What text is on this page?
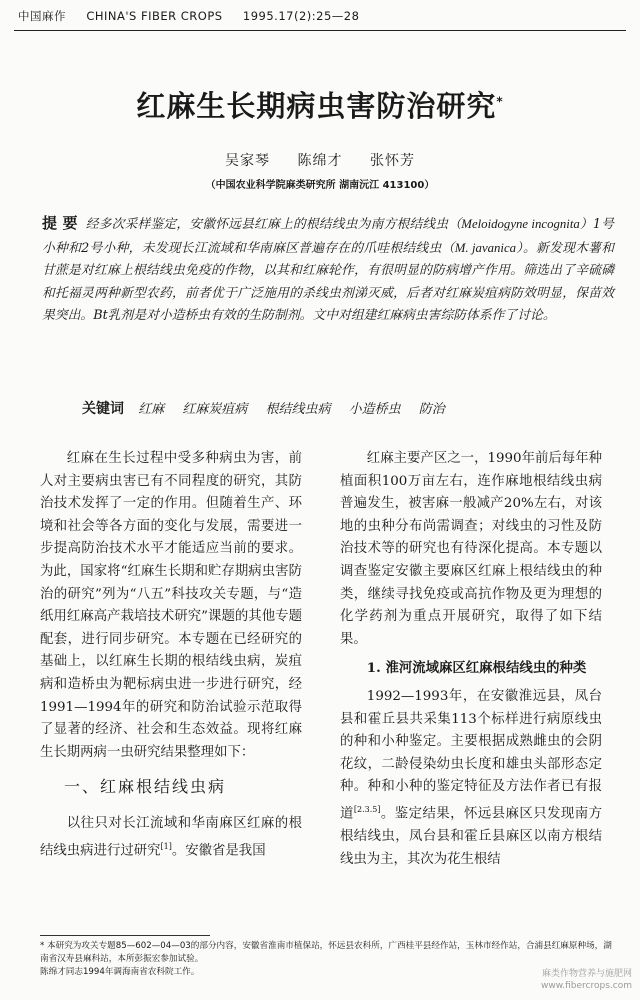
中国麻作 CHINA'S FIBER CROPS 1995.17(2):25—28
红麻生长期病虫害防治研究*
吴家琴 陈绵才 张怀芳
（中国农业科学院麻类研究所 湖南沅江 413100）
提 要 经多次采样鉴定，安徽怀远县红麻上的根结线虫为南方根结线虫（Meloidogyne incognita）1号小种和2号小种，未发现长江流域和华南麻区普遍存在的爪哇根结线虫（M. javanica）。新发现木薯和甘蔗是对红麻上根结线虫免疫的作物，以其和红麻轮作，有很明显的防病增产作用。筛选出了辛硫磷和托福灵两种新型农药，前者优于广泛施用的杀线虫剂涕灭威，后者对红麻炭疽病防效明显，保苗效果突出。Bt乳剂是对小造桥虫有效的生防制剂。文中对组建红麻病虫害综防体系作了讨论。
关键词 红麻 红麻炭疽病 根结线虫病 小造桥虫 防治

红麻在生长过程中受多种病虫为害，前人对主要病虫害已有不同程度的研究，其防治技术发挥了一定的作用。但随着生产、环境和社会等各方面的变化与发展，需要进一步提高防治技术水平才能适应当前的要求。为此，国家将“红麻生长期和贮存期病虫害防治的研究”列为“八五”科技攻关专题，与“造纸用红麻高产栽培技术研究”课题的其他专题配套，进行同步研究。本专题在已经研究的基础上，以红麻生长期的根结线虫病，炭疽病和造桥虫为靶标病虫进一步进行研究，经1991—1994年的研究和防治试验示范取得了显著的经济、社会和生态效益。现将红麻生长期两病一虫研究结果整理如下：

一、红麻根结线虫病

以往只对长江流域和华南麻区红麻的根结线虫病进行过研究[1]。安徽省是我国

红麻主要产区之一，1990年前后每年种植面积100万亩左右，连作麻地根结线虫病普遍发生，被害麻一般减产20%左右，对该地的虫种分布尚需调查；对线虫的习性及防治技术等的研究也有待深化提高。本专题以调查鉴定安徽主要麻区红麻上根结线虫的种类，继续寻找免疫或高抗作物及更为理想的化学药剂为重点开展研究，取得了如下结果。

1. 淮河流域麻区红麻根结线虫的种类

1992—1993年，在安徽淮远县，凤台县和霍丘县共采集113个标样进行病原线虫的种和小种鉴定。主要根据成熟雌虫的会阴花纹，二龄侵染幼虫长度和雄虫头部形态定种。种和小种的鉴定特征及方法作者已有报道[2.3.5]。鉴定结果，怀远县麻区只发现南方根结线虫，凤台县和霍丘县麻区以南方根结线虫为主，其次为花生根结

* 本研究为攻关专题85—602—04—03的部分内容，安徽省淮南市植保站，怀远县农科所，广西桂平县经作站，玉林市经作站，合浦县红麻原种场，湖南省汉寿县麻科站，本所彭振宏参加试验。

陈绵才同志1994年调海南省农科院工作。	麻类作物营养与施肥网
www.fibercrops.com
